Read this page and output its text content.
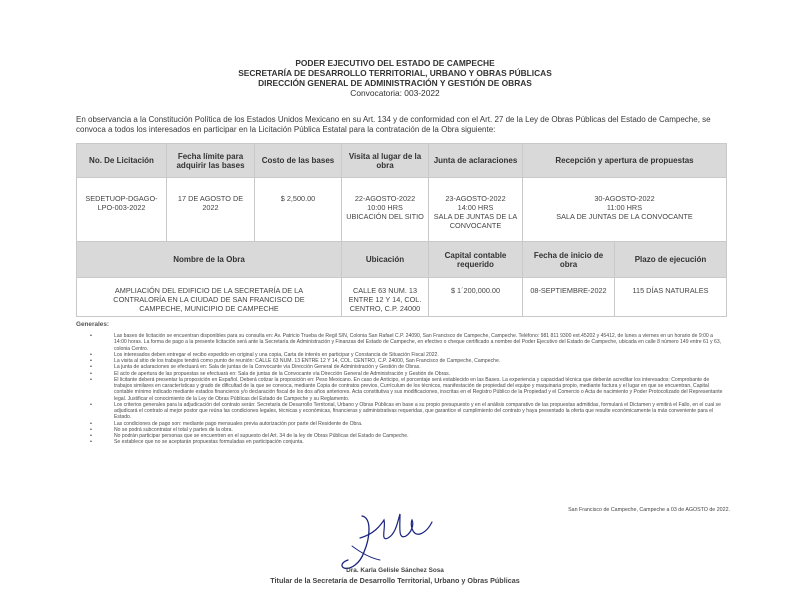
PODER EJECUTIVO DEL ESTADO DE CAMPECHE
SECRETARÍA DE DESARROLLO TERRITORIAL, URBANO Y OBRAS PÚBLICAS
DIRECCIÓN GENERAL DE ADMINISTRACIÓN Y GESTIÓN DE OBRAS
Convocatoria: 003-2022
En observancia a la Constitución Política de los Estados Unidos Mexicano en su Art. 134 y de conformidad con el Art. 27 de la Ley de Obras Públicas del Estado de Campeche, se convoca a todos los interesados en participar en la Licitación Pública Estatal para la contratación de la Obra siguiente:
No. De Licitación	Fecha límite para adquirir las bases	Costo de las bases	Visita al lugar de la obra	Junta de aclaraciones	Recepción y apertura de propuestas
SEDETUOP-DGAGO-LPO-003-2022	17 DE AGOSTO DE 2022	$ 2,500.00	22-AGOSTO-2022
10:00 HRS
UBICACIÓN DEL SITIO	23-AGOSTO-2022
14:00 HRS
SALA DE JUNTAS DE LA CONVOCANTE	30-AGOSTO-2022
11:00 HRS
SALA DE JUNTAS DE LA CONVOCANTE
Nombre de la Obra	Ubicación	Capital contable requerido	Fecha de inicio de obra	Plazo de ejecución
AMPLIACIÓN DEL EDIFICIO DE LA SECRETARÍA DE LA CONTRALORÍA EN LA CIUDAD DE SAN FRANCISCO DE CAMPECHE, MUNICIPIO DE CAMPECHE	CALLE 63 NUM. 13 ENTRE 12 Y 14, COL. CENTRO, C.P. 24000	$ 1´200,000.00	08-SEPTIEMBRE-2022	115 DÍAS NATURALES
Generales:
• Las bases de licitación se encuentran disponibles para su consulta en: Av. Patricio Trueba de Regil S/N, Colonia San Rafael C.P. 24090, San Francisco de Campeche, Campeche. Teléfono: 981 811 9300 ext.45202 y 45412, de lunes a viernes en un horario de 9:00 a 14:00 horas. La forma de pago a la presente licitación será ante la Secretaría de Administración y Finanzas del Estado de Campeche, en efectivo o cheque certificado a nombre del Poder Ejecutivo del Estado de Campeche, ubicada en calle 8 número 149 entre 61 y 63, colonia Centro.
• Los interesados deben entregar el recibo expedido en original y una copia, Carta de interés en participar y Constancia de Situación Fiscal 2022.
• La visita al sitio de los trabajos tendrá como punto de reunión: CALLE 63 NUM. 13 ENTRE 12 Y 14, COL. CENTRO, C.P. 24000, San Francisco de Campeche, Campeche.
• La junta de aclaraciones se efectuará en: Sala de juntas de la Convocante vía Dirección General de Administración y Gestión de Obras.
• El acto de apertura de las propuestas se efectuará en: Sala de juntas de la Convocante vía Dirección General de Administración y Gestión de Obras.
• El licitante deberá presentar la proposición en Español. Deberá cotizar la proposición en: Peso Mexicano. En caso de Anticipo, el porcentaje será establecido en las Bases. La experiencia y capacidad técnica que deberán acreditar los interesados: Comprobante de trabajos similares en características y grado de dificultad de la que se convoca, mediante Copia de contratos previos, Currículum de los técnicos, manifestación de propiedad del equipo y maquinaria propio, mediante factura y el lugar en que se encuentran, Capital contable mínimo indicado mediante estados financieros y/o declaración fiscal de los dos años anteriores. Acta constitutiva y sus modificaciones, inscritas en el Registro Público de la Propiedad y el Comercio o Acta de nacimiento y Poder Protocolizado del Representante legal. Justificar el conocimiento de la Ley de Obras Públicas del Estado de Campeche y su Reglamento.
• Los criterios generales para la adjudicación del contrato serán: Secretaría de Desarrollo Territorial, Urbano y Obras Públicas en base a su propio presupuesto y en el análisis comparativo de las propuestas admitidas, formulará el Dictamen y emitirá el Fallo, en el cual se adjudicará el contrato al mejor postor que reúna las condiciones legales, técnicas y económicas, financieras y administrativas requeridas, que garantice el cumplimiento del contrato y haya presentado la oferta que resulte económicamente la más conveniente para el Estado.
• Las condiciones de pago son: mediante pago mensuales previa autorización por parte del Residente de Obra.
• No se podrá subcontratar el total y partes de la obra.
• No podrán participar personas que se encuentren en el supuesto del Art. 34 de la ley de Obras Públicas del Estado de Campeche.
• Se establece que no se aceptarán propuestas formuladas en participación conjunta.
San Francisco de Campeche, Campeche a 03 de AGOSTO de 2022.
Dra. Karla Gelisle Sánchez Sosa
Titular de la Secretaría de Desarrollo Territorial, Urbano y Obras Públicas
